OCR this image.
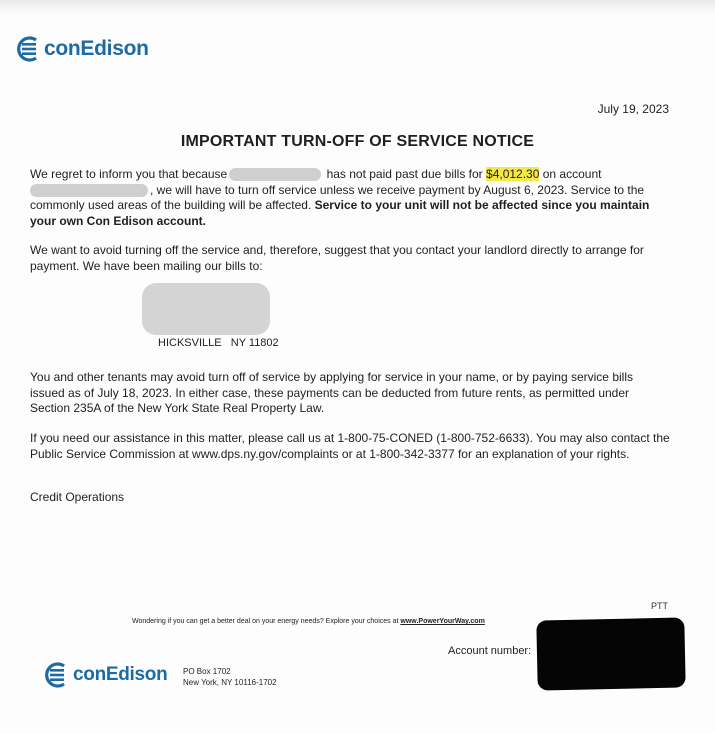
conEdison
July 19, 2023
IMPORTANT TURN-OFF OF SERVICE NOTICE
We regret to inform you that because	has not paid past due bills for $4,012.30 on account
, we will have to turn off service unless we receive payment by August 6, 2023. Service to the commonly used areas of the building will be affected. Service to your unit will not be affected since you maintain your own Con Edison account.
We want to avoid turning off the service and, therefore, suggest that you contact your landlord directly to arrange for payment. We have been mailing our bills to:
HICKSVILLE   NY 11802
You and other tenants may avoid turn off of service by applying for service in your name, or by paying service bills issued as of July 18, 2023. In either case, these payments can be deducted from future rents, as permitted under Section 235A of the New York State Real Property Law.
If you need our assistance in this matter, please call us at 1-800-75-CONED (1-800-752-6633). You may also contact the Public Service Commission at www.dps.ny.gov/complaints or at 1-800-342-3377 for an explanation of your rights.
Credit Operations
PTT
Wondering if you can get a better deal on your energy needs? Explore your choices at www.PowerYourWay.com
Account number:
conEdison PO Box 1702
New York, NY 10116-1702
